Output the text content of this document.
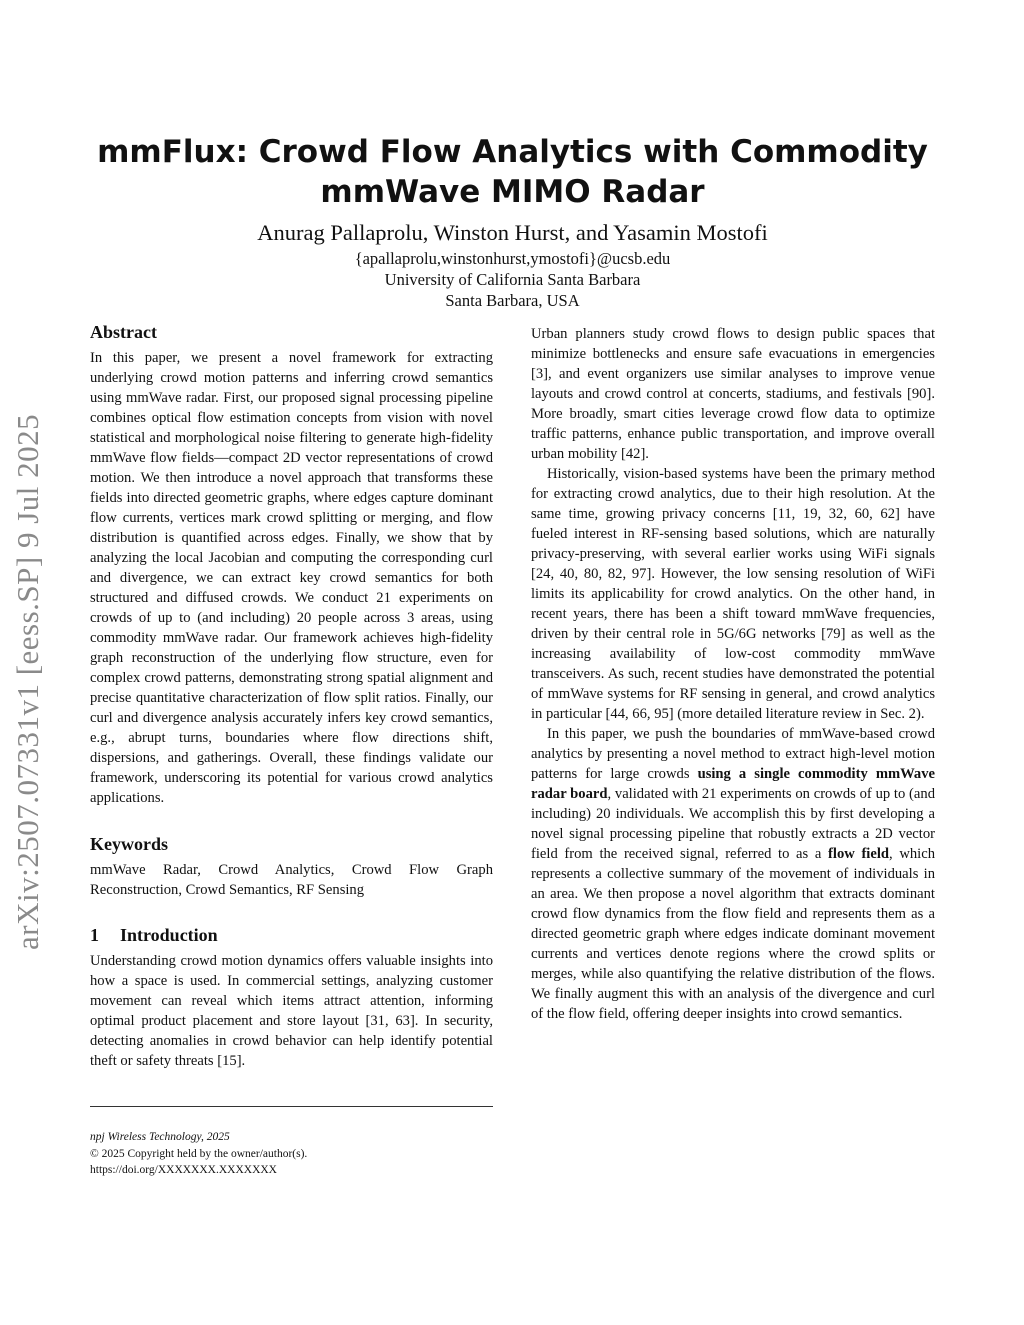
arXiv:2507.07331v1 [eess.SP] 9 Jul 2025
mmFlux: Crowd Flow Analytics with Commodity
mmWave MIMO Radar
Anurag Pallaprolu, Winston Hurst, and Yasamin Mostofi
{apallaprolu,winstonhurst,ymostofi}@ucsb.edu
University of California Santa Barbara
Santa Barbara, USA
Abstract

In this paper, we present a novel framework for extracting underlying crowd motion patterns and inferring crowd semantics using mmWave radar. First, our proposed signal processing pipeline combines optical flow estimation concepts from vision with novel statistical and morphological noise filtering to generate high-fidelity mmWave flow fields—compact 2D vector representations of crowd motion. We then introduce a novel approach that transforms these fields into directed geometric graphs, where edges capture dominant flow currents, vertices mark crowd splitting or merging, and flow distribution is quantified across edges. Finally, we show that by analyzing the local Jacobian and computing the corresponding curl and divergence, we can extract key crowd semantics for both structured and diffused crowds. We conduct 21 experiments on crowds of up to (and including) 20 people across 3 areas, using commodity mmWave radar. Our framework achieves high-fidelity graph reconstruction of the underlying flow structure, even for complex crowd patterns, demonstrating strong spatial alignment and precise quantitative characterization of flow split ratios. Finally, our curl and divergence analysis accurately infers key crowd semantics, e.g., abrupt turns, boundaries where flow directions shift, dispersions, and gatherings. Overall, these findings validate our framework, underscoring its potential for various crowd analytics applications.

Keywords

mmWave Radar, Crowd Analytics, Crowd Flow Graph Reconstruction, Crowd Semantics, RF Sensing

1 Introduction

Understanding crowd motion dynamics offers valuable insights into how a space is used. In commercial settings, analyzing customer movement can reveal which items attract attention, informing optimal product placement and store layout [31, 63]. In security, detecting anomalies in crowd behavior can help identify potential theft or safety threats [15].

npj Wireless Technology, 2025
© 2025 Copyright held by the owner/author(s).
https://doi.org/XXXXXXX.XXXXXXX

Urban planners study crowd flows to design public spaces that minimize bottlenecks and ensure safe evacuations in emergencies [3], and event organizers use similar analyses to improve venue layouts and crowd control at concerts, stadiums, and festivals [90]. More broadly, smart cities leverage crowd flow data to optimize traffic patterns, enhance public transportation, and improve overall urban mobility [42].

Historically, vision-based systems have been the primary method for extracting crowd analytics, due to their high resolution. At the same time, growing privacy concerns [11, 19, 32, 60, 62] have fueled interest in RF-sensing based solutions, which are naturally privacy-preserving, with several earlier works using WiFi signals [24, 40, 80, 82, 97]. However, the low sensing resolution of WiFi limits its applicability for crowd analytics. On the other hand, in recent years, there has been a shift toward mmWave frequencies, driven by their central role in 5G/6G networks [79] as well as the increasing availability of low-cost commodity mmWave transceivers. As such, recent studies have demonstrated the potential of mmWave systems for RF sensing in general, and crowd analytics in particular [44, 66, 95] (more detailed literature review in Sec. 2).

In this paper, we push the boundaries of mmWave-based crowd analytics by presenting a novel method to extract high-level motion patterns for large crowds using a single commodity mmWave radar board, validated with 21 experiments on crowds of up to (and including) 20 individuals. We accomplish this by first developing a novel signal processing pipeline that robustly extracts a 2D vector field from the received signal, referred to as a flow field, which represents a collective summary of the movement of individuals in an area. We then propose a novel algorithm that extracts dominant crowd flow dynamics from the flow field and represents them as a directed geometric graph where edges indicate dominant movement currents and vertices denote regions where the crowd splits or merges, while also quantifying the relative distribution of the flows. We finally augment this with an analysis of the divergence and curl of the flow field, offering deeper insights into crowd semantics.
